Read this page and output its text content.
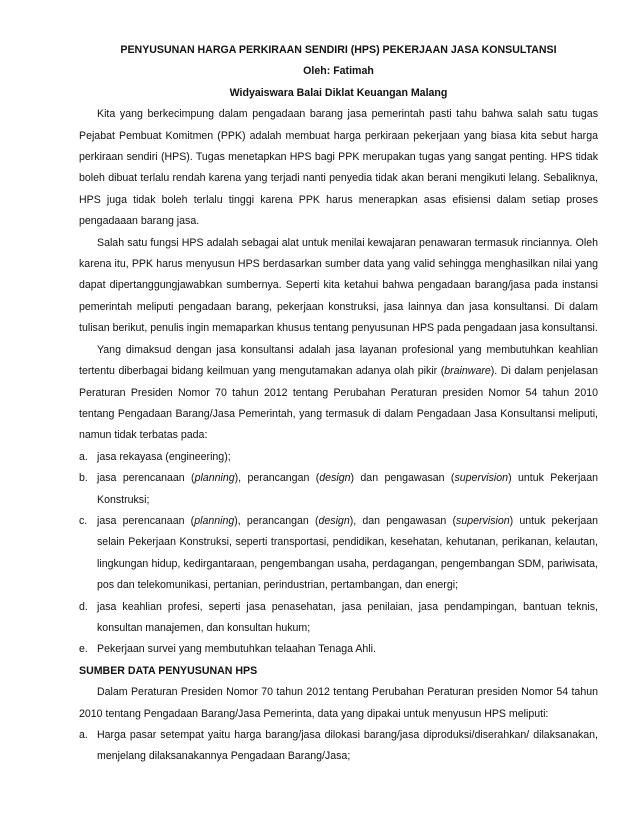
PENYUSUNAN HARGA PERKIRAAN SENDIRI (HPS) PEKERJAAN JASA KONSULTANSI
Oleh: Fatimah
Widyaiswara Balai Diklat Keuangan Malang
Kita yang berkecimpung dalam pengadaan barang jasa pemerintah pasti tahu bahwa salah satu tugas Pejabat Pembuat Komitmen (PPK) adalah membuat harga perkiraan pekerjaan yang biasa kita sebut harga perkiraan sendiri (HPS). Tugas menetapkan HPS bagi PPK merupakan tugas yang sangat penting. HPS tidak boleh dibuat terlalu rendah karena yang terjadi nanti penyedia tidak akan berani mengikuti lelang. Sebaliknya, HPS juga tidak boleh terlalu tinggi karena PPK harus menerapkan asas efisiensi dalam setiap proses pengadaaan barang jasa.
Salah satu fungsi HPS adalah sebagai alat untuk menilai kewajaran penawaran termasuk rinciannya. Oleh karena itu, PPK harus menyusun HPS berdasarkan sumber data yang valid sehingga menghasilkan nilai yang dapat dipertanggungjawabkan sumbernya. Seperti kita ketahui bahwa pengadaan barang/jasa pada instansi pemerintah meliputi pengadaan barang, pekerjaan konstruksi, jasa lainnya dan jasa konsultansi. Di dalam tulisan berikut, penulis ingin memaparkan khusus tentang penyusunan HPS pada pengadaan jasa konsultansi.
Yang dimaksud dengan jasa konsultansi adalah jasa layanan profesional yang membutuhkan keahlian tertentu diberbagai bidang keilmuan yang mengutamakan adanya olah pikir (brainware). Di dalam penjelasan Peraturan Presiden Nomor 70 tahun 2012 tentang Perubahan Peraturan presiden Nomor 54 tahun 2010 tentang Pengadaan Barang/Jasa Pemerintah, yang termasuk di dalam Pengadaan Jasa Konsultansi meliputi, namun tidak terbatas pada:
a. jasa rekayasa (engineering);
b. jasa perencanaan (planning), perancangan (design) dan pengawasan (supervision) untuk Pekerjaan Konstruksi;
c. jasa perencanaan (planning), perancangan (design), dan pengawasan (supervision) untuk pekerjaan selain Pekerjaan Konstruksi, seperti transportasi, pendidikan, kesehatan, kehutanan, perikanan, kelautan, lingkungan hidup, kedirgantaraan, pengembangan usaha, perdagangan, pengembangan SDM, pariwisata, pos dan telekomunikasi, pertanian, perindustrian, pertambangan, dan energi;
d. jasa keahlian profesi, seperti jasa penasehatan, jasa penilaian, jasa pendampingan, bantuan teknis, konsultan manajemen, dan konsultan hukum;
e. Pekerjaan survei yang membutuhkan telaahan Tenaga Ahli.
SUMBER DATA PENYUSUNAN HPS
Dalam Peraturan Presiden Nomor 70 tahun 2012 tentang Perubahan Peraturan presiden Nomor 54 tahun 2010 tentang Pengadaan Barang/Jasa Pemerinta, data yang dipakai untuk menyusun HPS meliputi:
a. Harga pasar setempat yaitu harga barang/jasa dilokasi barang/jasa diproduksi/diserahkan/ dilaksanakan, menjelang dilaksanakannya Pengadaan Barang/Jasa;
